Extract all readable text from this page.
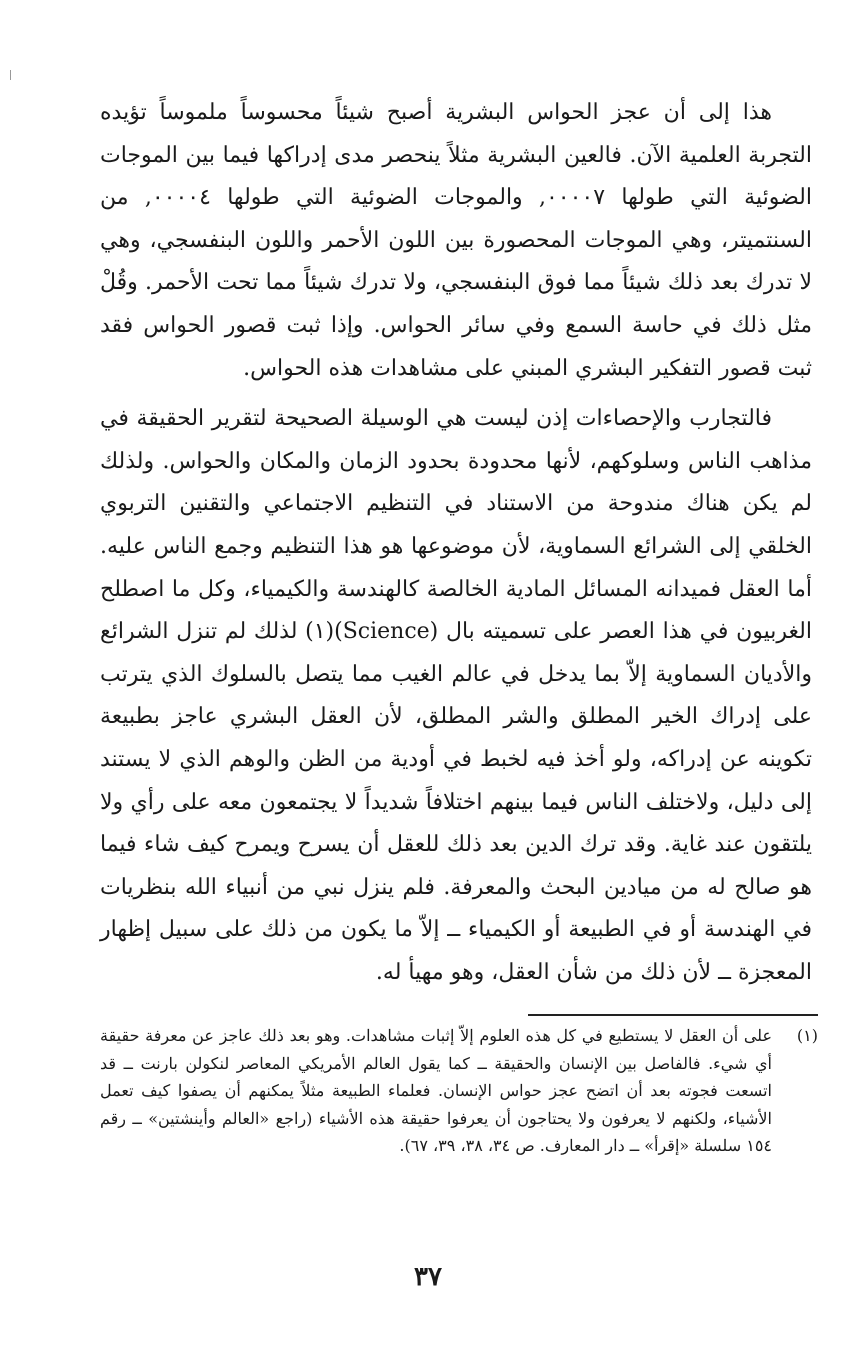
هذا إلى أن عجز الحواس البشرية أصبح شيئاً محسوساً ملموساً تؤيده التجربة العلمية الآن. فالعين البشرية مثلاً ينحصر مدى إدراكها فيما بين الموجات الضوئية التي طولها ٠٠٠٠٧, والموجات الضوئية التي طولها ٠٠٠٠٤, من السنتميتر، وهي الموجات المحصورة بين اللون الأحمر واللون البنفسجي، وهي لا تدرك بعد ذلك شيئاً مما فوق البنفسجي، ولا تدرك شيئاً مما تحت الأحمر. وقُلْ مثل ذلك في حاسة السمع وفي سائر الحواس. وإذا ثبت قصور الحواس فقد ثبت قصور التفكير البشري المبني على مشاهدات هذه الحواس.

فالتجارب والإحصاءات إذن ليست هي الوسيلة الصحيحة لتقرير الحقيقة في مذاهب الناس وسلوكهم، لأنها محدودة بحدود الزمان والمكان والحواس. ولذلك لم يكن هناك مندوحة من الاستناد في التنظيم الاجتماعي والتقنين التربوي الخلقي إلى الشرائع السماوية، لأن موضوعها هو هذا التنظيم وجمع الناس عليه. أما العقل فميدانه المسائل المادية الخالصة كالهندسة والكيمياء، وكل ما اصطلح الغربيون في هذا العصر على تسميته بال (Science)(١) لذلك لم تنزل الشرائع والأديان السماوية إلاّ بما يدخل في عالم الغيب مما يتصل بالسلوك الذي يترتب على إدراك الخير المطلق والشر المطلق، لأن العقل البشري عاجز بطبيعة تكوينه عن إدراكه، ولو أخذ فيه لخبط في أودية من الظن والوهم الذي لا يستند إلى دليل، ولاختلف الناس فيما بينهم اختلافاً شديداً لا يجتمعون معه على رأي ولا يلتقون عند غاية. وقد ترك الدين بعد ذلك للعقل أن يسرح ويمرح كيف شاء فيما هو صالح له من ميادين البحث والمعرفة. فلم ينزل نبي من أنبياء الله بنظريات في الهندسة أو في الطبيعة أو الكيمياء ــ إلاّ ما يكون من ذلك على سبيل إظهار المعجزة ــ لأن ذلك من شأن العقل، وهو مهيأ له.

(١)
على أن العقل لا يستطيع في كل هذه العلوم إلاّ إثبات مشاهدات. وهو بعد ذلك عاجز عن معرفة حقيقة أي شيء. فالفاصل بين الإنسان والحقيقة ــ كما يقول العالم الأمريكي المعاصر لنكولن بارنت ــ قد اتسعت فجوته بعد أن اتضح عجز حواس الإنسان. فعلماء الطبيعة مثلاً يمكنهم أن يصفوا كيف تعمل الأشياء، ولكنهم لا يعرفون ولا يحتاجون أن يعرفوا حقيقة هذه الأشياء (راجع «العالم وأينشتين» ــ رقم ١٥٤ سلسلة «إقرأ» ــ دار المعارف. ص ٣٤، ٣٨، ٣٩، ٦٧).
٣٧
